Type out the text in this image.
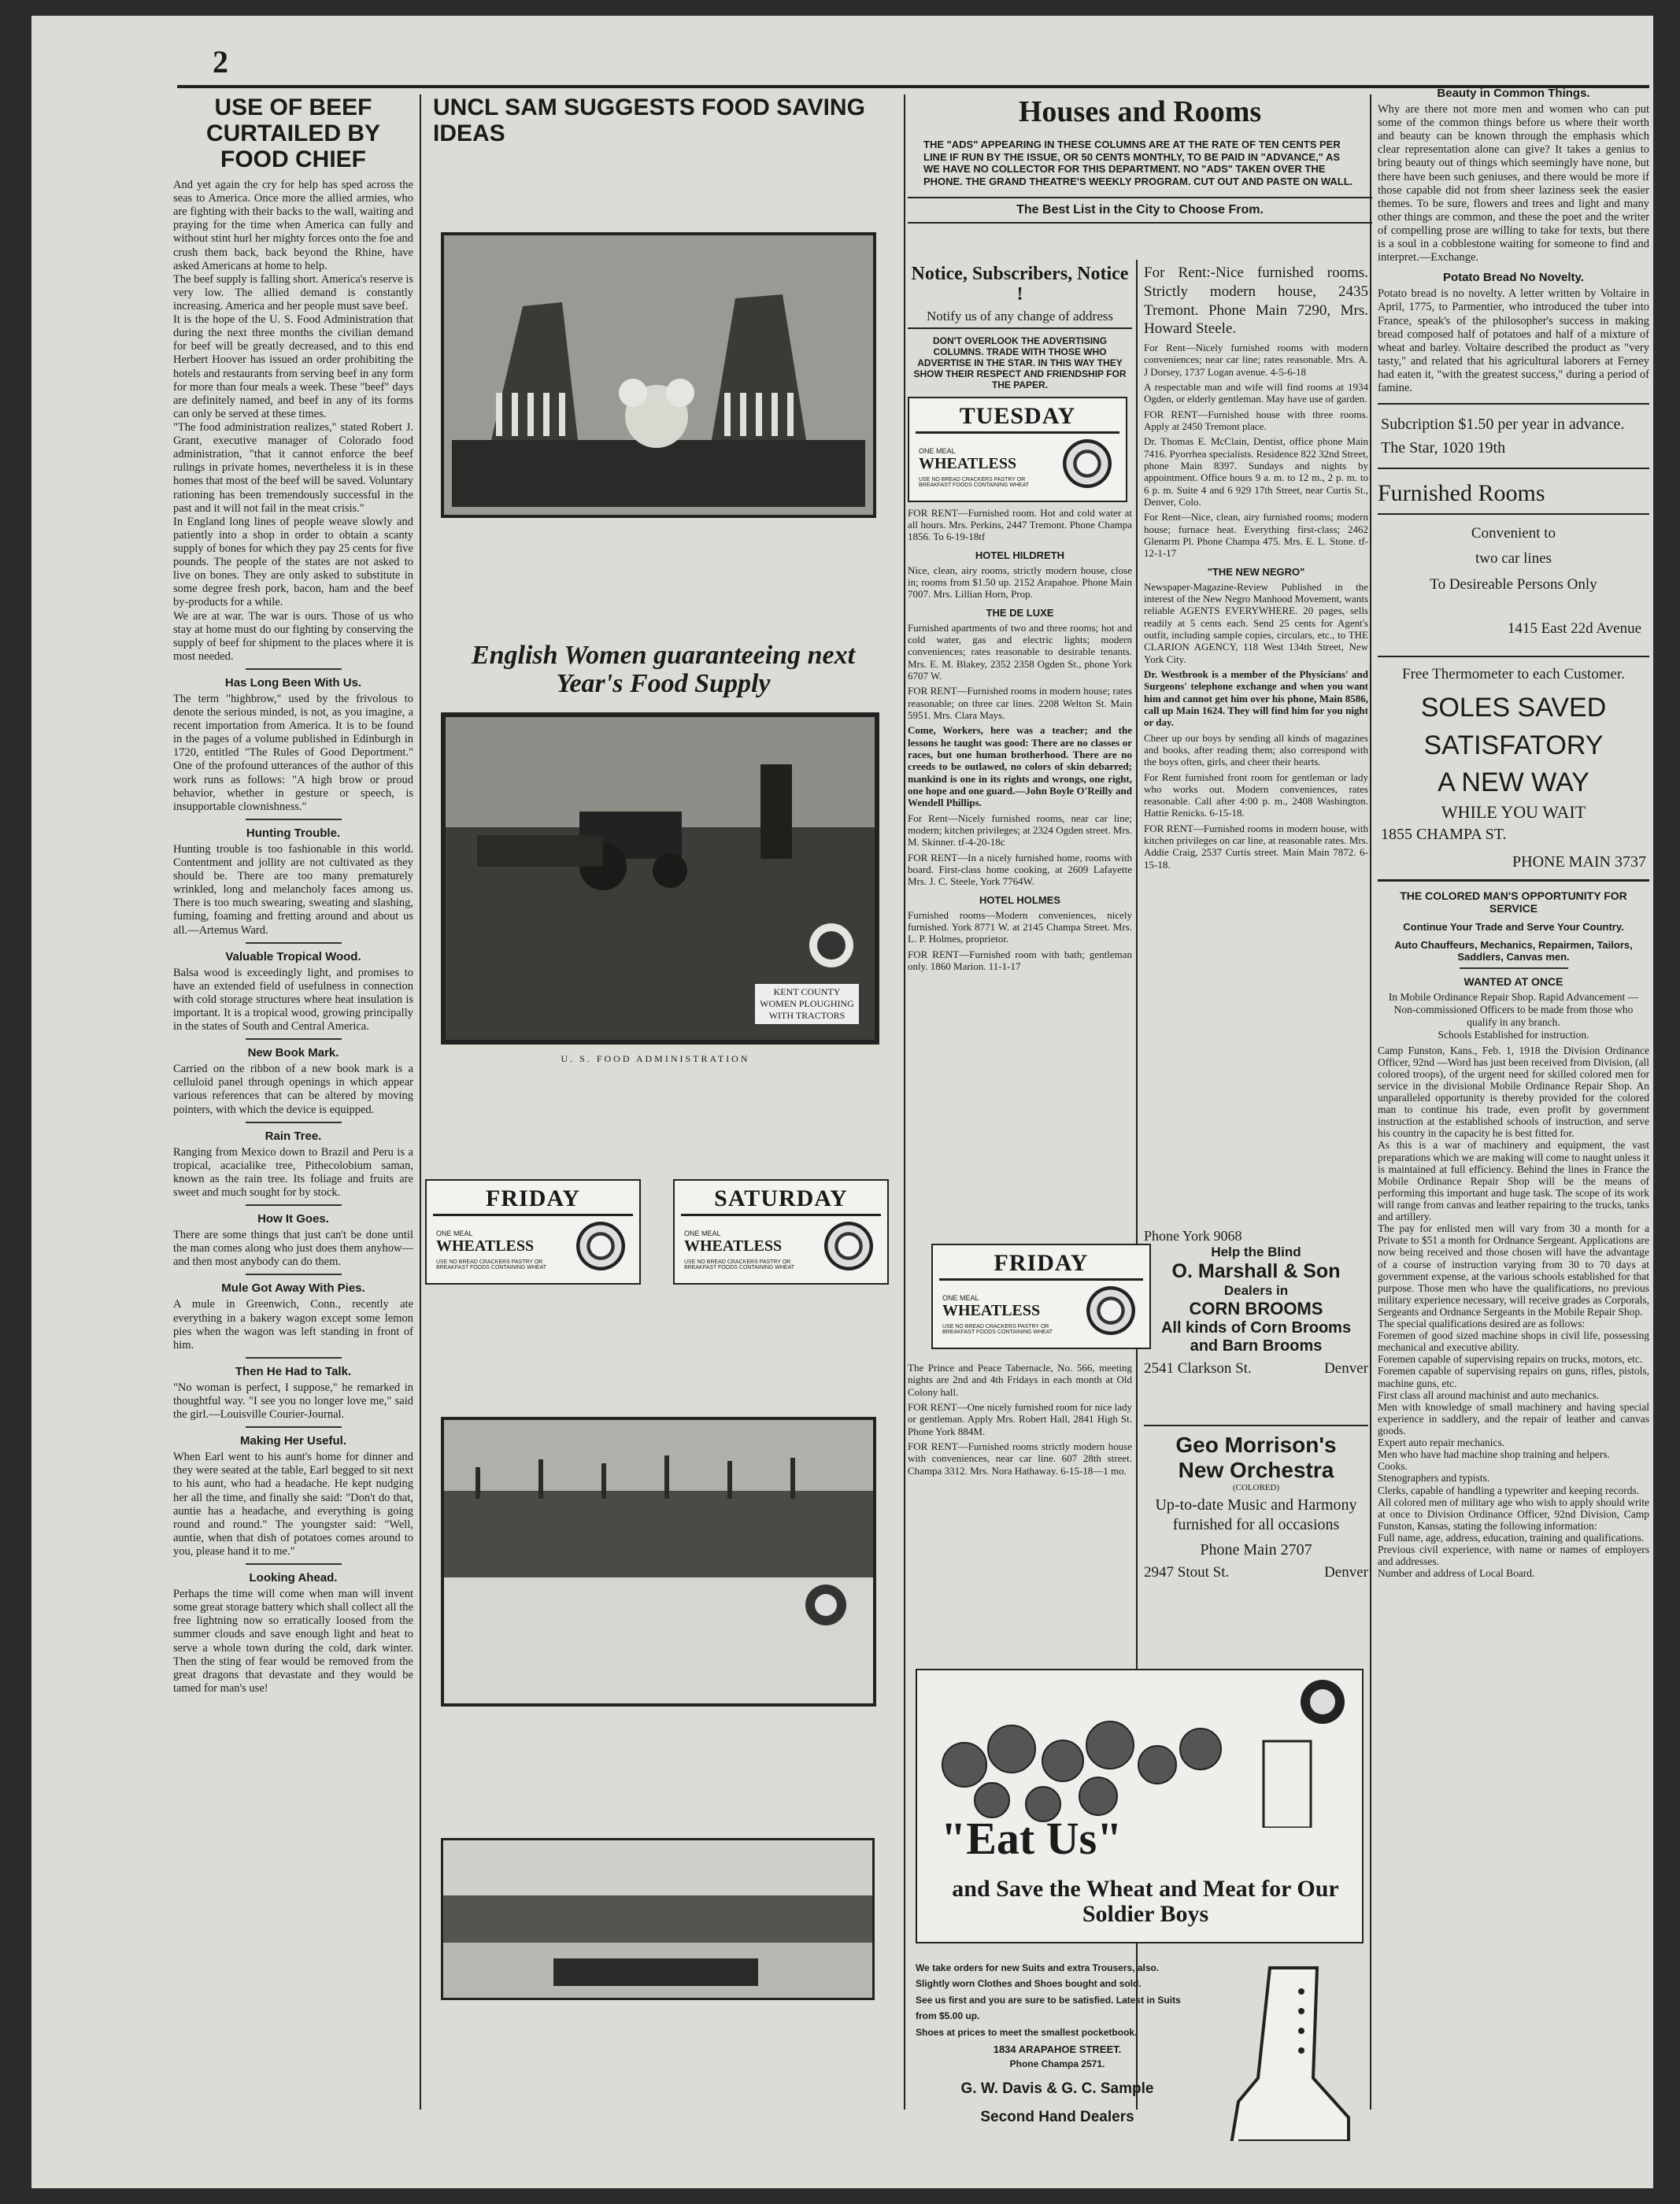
2
USE OF BEEF CURTAILED BY FOOD CHIEF

And yet again the cry for help has sped across the seas to America. Once more the allied armies, who are fighting with their backs to the wall, waiting and praying for the time when America can fully and without stint hurl her mighty forces onto the foe and crush them back, back beyond the Rhine, have asked Americans at home to help.
The beef supply is falling short. America's reserve is very low. The allied demand is constantly increasing. America and her people must save beef.
It is the hope of the U. S. Food Administration that during the next three months the civilian demand for beef will be greatly decreased, and to this end Herbert Hoover has issued an order prohibiting the hotels and restaurants from serving beef in any form for more than four meals a week. These "beef" days are definitely named, and beef in any of its forms can only be served at these times.
"The food administration realizes," stated Robert J. Grant, executive manager of Colorado food administration, "that it cannot enforce the beef rulings in private homes, nevertheless it is in these homes that most of the beef will be saved. Voluntary rationing has been tremendously successful in the past and it will not fail in the meat crisis."
In England long lines of people weave slowly and patiently into a shop in order to obtain a scanty supply of bones for which they pay 25 cents for five pounds. The people of the states are not asked to live on bones. They are only asked to substitute in some degree fresh pork, bacon, ham and the beef by-products for a while.
We are at war. The war is ours. Those of us who stay at home must do our fighting by conserving the supply of beef for shipment to the places where it is most needed.

Has Long Been With Us.

The term "highbrow," used by the frivolous to denote the serious minded, is not, as you imagine, a recent importation from America. It is to be found in the pages of a volume published in Edinburgh in 1720, entitled "The Rules of Good Deportment." One of the profound utterances of the author of this work runs as follows: "A high brow or proud behavior, whether in gesture or speech, is insupportable clownishness."

Hunting Trouble.

Hunting trouble is too fashionable in this world. Contentment and jollity are not cultivated as they should be. There are too many prematurely wrinkled, long and melancholy faces among us. There is too much swearing, sweating and slashing, fuming, foaming and fretting around and about us all.—Artemus Ward.

Valuable Tropical Wood.

Balsa wood is exceedingly light, and promises to have an extended field of usefulness in connection with cold storage structures where heat insulation is important. It is a tropical wood, growing principally in the states of South and Central America.

New Book Mark.

Carried on the ribbon of a new book mark is a celluloid panel through openings in which appear various references that can be altered by moving pointers, with which the device is equipped.

Rain Tree.

Ranging from Mexico down to Brazil and Peru is a tropical, acacialike tree, Pithecolobium saman, known as the rain tree. Its foliage and fruits are sweet and much sought for by stock.

How It Goes.

There are some things that just can't be done until the man comes along who just does them anyhow—and then most anybody can do them.

Mule Got Away With Pies.

A mule in Greenwich, Conn., recently ate everything in a bakery wagon except some lemon pies when the wagon was left standing in front of him.

Then He Had to Talk.

"No woman is perfect, I suppose," he remarked in thoughtful way. "I see you no longer love me," said the girl.—Louisville Courier-Journal.

Making Her Useful.

When Earl went to his aunt's home for dinner and they were seated at the table, Earl begged to sit next to his aunt, who had a headache. He kept nudging her all the time, and finally she said: "Don't do that, auntie has a headache, and everything is going round and round." The youngster said: "Well, auntie, when that dish of potatoes comes around to you, please hand it to me."

Looking Ahead.

Perhaps the time will come when man will invent some great storage battery which shall collect all the free lightning now so erratically loosed from the summer clouds and save enough light and heat to serve a whole town during the cold, dark winter. Then the sting of fear would be removed from the great dragons that devastate and they would be tamed for man's use!

UNCL SAM SUGGESTS FOOD SAVING IDEAS
English Women guaranteeing next Year's Food Supply
KENT COUNTY WOMEN PLOUGHING WITH TRACTORS
U. S. FOOD ADMINISTRATION
FRIDAY
ONE MEAL
WHEATLESS
USE NO BREAD CRACKERS PASTRY OR BREAKFAST FOODS CONTAINING WHEAT
SATURDAY
ONE MEAL
WHEATLESS
USE NO BREAD CRACKERS PASTRY OR BREAKFAST FOODS CONTAINING WHEAT
Houses and Rooms

THE "ADS" APPEARING IN THESE COLUMNS ARE AT THE RATE OF TEN CENTS PER LINE IF RUN BY THE ISSUE, OR 50 CENTS MONTHLY, TO BE PAID IN "ADVANCE," AS WE HAVE NO COLLECTOR FOR THIS DEPARTMENT. NO "ADS" TAKEN OVER THE PHONE. THE GRAND THEATRE'S WEEKLY PROGRAM. CUT OUT AND PASTE ON WALL.

The Best List in the City to Choose From.
Notice, Subscribers, Notice !
Notify us of any change of address

DON'T OVERLOOK THE ADVERTISING COLUMNS. TRADE WITH THOSE WHO ADVERTISE IN THE STAR. IN THIS WAY THEY SHOW THEIR RESPECT AND FRIENDSHIP FOR THE PAPER.

TUESDAY
ONE MEAL
WHEATLESS
USE NO BREAD CRACKERS PASTRY OR BREAKFAST FOODS CONTAINING WHEAT

FOR RENT—Furnished room. Hot and cold water at all hours. Mrs. Perkins, 2447 Tremont. Phone Champa 1856. To 6-19-18tf

HOTEL HILDRETH

Nice, clean, airy rooms, strictly modern house, close in; rooms from $1.50 up. 2152 Arapahoe. Phone Main 7007. Mrs. Lillian Horn, Prop.

THE DE LUXE

Furnished apartments of two and three rooms; hot and cold water, gas and electric lights; modern conveniences; rates reasonable to desirable tenants. Mrs. E. M. Blakey, 2352 2358 Ogden St., phone York 6707 W.

FOR RENT—Furnished rooms in modern house; rates reasonable; on three car lines. 2208 Welton St. Main 5951. Mrs. Clara Mays.

Come, Workers, here was a teacher; and the lessons he taught was good: There are no classes or races, but one human brotherhood. There are no creeds to be outlawed, no colors of skin debarred; mankind is one in its rights and wrongs, one right, one hope and one guard.—John Boyle O'Reilly and Wendell Phillips.

For Rent—Nicely furnished rooms, near car line; modern; kitchen privileges; at 2324 Ogden street. Mrs. M. Skinner. tf-4-20-18c

FOR RENT—In a nicely furnished home, rooms with board. First-class home cooking, at 2609 Lafayette Mrs. J. C. Steele, York 7764W.

HOTEL HOLMES

Furnished rooms—Modern conveniences, nicely furnished. York 8771 W. at 2145 Champa Street. Mrs. L. P. Holmes, proprietor.

FOR RENT—Furnished room with bath; gentleman only. 1860 Marion. 11-1-17

FRIDAY
ONE MEAL
WHEATLESS
USE NO BREAD CRACKERS PASTRY OR BREAKFAST FOODS CONTAINING WHEAT

The Prince and Peace Tabernacle, No. 566, meeting nights are 2nd and 4th Fridays in each month at Old Colony hall.

FOR RENT—One nicely furnished room for nice lady or gentleman. Apply Mrs. Robert Hall, 2841 High St. Phone York 884M.

FOR RENT—Furnished rooms strictly modern house with conveniences, near car line. 607 28th street. Champa 3312. Mrs. Nora Hathaway. 6-15-18—1 mo.

For Rent:-Nice furnished rooms. Strictly modern house, 2435 Tremont. Phone Main 7290, Mrs. Howard Steele.

For Rent—Nicely furnished rooms with modern conveniences; near car line; rates reasonable. Mrs. A. J Dorsey, 1737 Logan avenue. 4-5-6-18

A respectable man and wife will find rooms at 1934 Ogden, or elderly gentleman. May have use of garden.

FOR RENT—Furnished house with three rooms. Apply at 2450 Tremont place.

Dr. Thomas E. McClain, Dentist, office phone Main 7416. Pyorrhea specialists. Residence 822 32nd Street, phone Main 8397. Sundays and nights by appointment. Office hours 9 a. m. to 12 m., 2 p. m. to 6 p. m. Suite 4 and 6 929 17th Street, near Curtis St., Denver, Colo.

For Rent—Nice, clean, airy furnished rooms; modern house; furnace heat. Everything first-class; 2462 Glenarm Pl. Phone Champa 475. Mrs. E. L. Stone. tf-12-1-17

"THE NEW NEGRO"

Newspaper-Magazine-Review Published in the interest of the New Negro Manhood Movement, wants reliable AGENTS EVERYWHERE. 20 pages, sells readily at 5 cents each. Send 25 cents for Agent's outfit, including sample copies, circulars, etc., to THE CLARION AGENCY, 118 West 134th Street, New York City.

Dr. Westbrook is a member of the Physicians' and Surgeons' telephone exchange and when you want him and cannot get him over his phone, Main 8586, call up Main 1624. They will find him for you night or day.

Cheer up our boys by sending all kinds of magazines and books, after reading them; also correspond with the boys often, girls, and cheer their hearts.

For Rent furnished front room for gentleman or lady who works out. Modern conveniences, rates reasonable. Call after 4:00 p. m., 2408 Washington. Hattie Renicks. 6-15-18.

FOR RENT—Furnished rooms in modern house, with kitchen privileges on car line, at reasonable rates. Mrs. Addie Craig, 2537 Curtis street. Main Main 7872. 6-15-18.

Phone York 9068
Help the Blind
O. Marshall & Son
Dealers in
CORN BROOMS
All kinds of Corn Brooms
and Barn Brooms
2541 Clarkson St.	Denver
Geo Morrison's
New Orchestra
(COLORED)
Up-to-date Music and Harmony furnished for all occasions
Phone Main 2707
2947 Stout St.	Denver
"Eat Us"
and Save the Wheat and Meat for Our Soldier Boys
We take orders for new Suits and extra Trousers, also.
Slightly worn Clothes and Shoes bought and sold.
See us first and you are sure to be satisfied. Latest in Suits from $5.00 up.
Shoes at prices to meet the smallest pocketbook.
1834 ARAPAHOE STREET.
Phone Champa 2571.
G. W. Davis & G. C. Sample
Second Hand Dealers
Beauty in Common Things.

Why are there not more men and women who can put some of the common things before us where their worth and beauty can be known through the emphasis which clear representation alone can give? It takes a genius to bring beauty out of things which seemingly have none, but there have been such geniuses, and there would be more if those capable did not from sheer laziness seek the easier themes. To be sure, flowers and trees and light and many other things are common, and these the poet and the writer of compelling prose are willing to take for texts, but there is a soul in a cobblestone waiting for someone to find and interpret.—Exchange.

Potato Bread No Novelty.

Potato bread is no novelty. A letter written by Voltaire in April, 1775, to Parmentier, who introduced the tuber into France, speak's of the philosopher's success in making bread composed half of potatoes and half of a mixture of wheat and barley. Voltaire described the product as "very tasty," and related that his agricultural laborers at Ferney had eaten it, "with the greatest success," during a period of famine.

Subcription $1.50 per year in advance. The Star, 1020 19th
Furnished Rooms
Convenient to
two car lines
To Desireable Persons Only
1415 East 22d Avenue
Free Thermometer to each Customer.
SOLES SAVED
SATISFATORY
A NEW WAY
WHILE YOU WAIT
1855 CHAMPA ST.
PHONE MAIN 3737
THE COLORED MAN'S OPPORTUNITY FOR SERVICE
Continue Your Trade and Serve Your Country.
Auto Chauffeurs, Mechanics, Repairmen, Tailors, Saddlers, Canvas men.
WANTED AT ONCE

In Mobile Ordinance Repair Shop. Rapid Advancement — Non-commissioned Officers to be made from those who qualify in any branch.
Schools Established for instruction.

Camp Funston, Kans., Feb. 1, 1918 the Division Ordinance Officer, 92nd —Word has just been received from Division, (all colored troops), of the urgent need for skilled colored men for service in the divisional Mobile Ordinance Repair Shop. An unparalleled opportunity is thereby provided for the colored man to continue his trade, even profit by government instruction at the established schools of instruction, and serve his country in the capacity he is best fitted for.
As this is a war of machinery and equipment, the vast preparations which we are making will come to naught unless it is maintained at full efficiency. Behind the lines in France the Mobile Ordinance Repair Shop will be the means of performing this important and huge task. The scope of its work will range from canvas and leather repairing to the trucks, tanks and artillery.
The pay for enlisted men will vary from 30 a month for a Private to $51 a month for Ordnance Sergeant. Applications are now being received and those chosen will have the advantage of a course of instruction varying from 30 to 70 days at government expense, at the various schools established for that purpose. Those men who have the qualifications, no previous military experience necessary, will receive grades as Corporals, Sergeants and Ordnance Sergeants in the Mobile Repair Shop.
The special qualifications desired are as follows:
Foremen of good sized machine shops in civil life, possessing mechanical and executive ability.
Foremen capable of supervising repairs on trucks, motors, etc.
Foremen capable of supervising repairs on guns, rifles, pistols, machine guns, etc.
First class all around machinist and auto mechanics.
Men with knowledge of small machinery and having special experience in saddlery, and the repair of leather and canvas goods.
Expert auto repair mechanics.
Men who have had machine shop training and helpers.
Cooks.
Stenographers and typists.
Clerks, capable of handling a typewriter and keeping records.
All colored men of military age who wish to apply should write at once to Division Ordinance Officer, 92nd Division, Camp Funston, Kansas, stating the following information:
Full name, age, address, education, training and qualifications.
Previous civil experience, with name or names of employers and addresses.
Number and address of Local Board.
